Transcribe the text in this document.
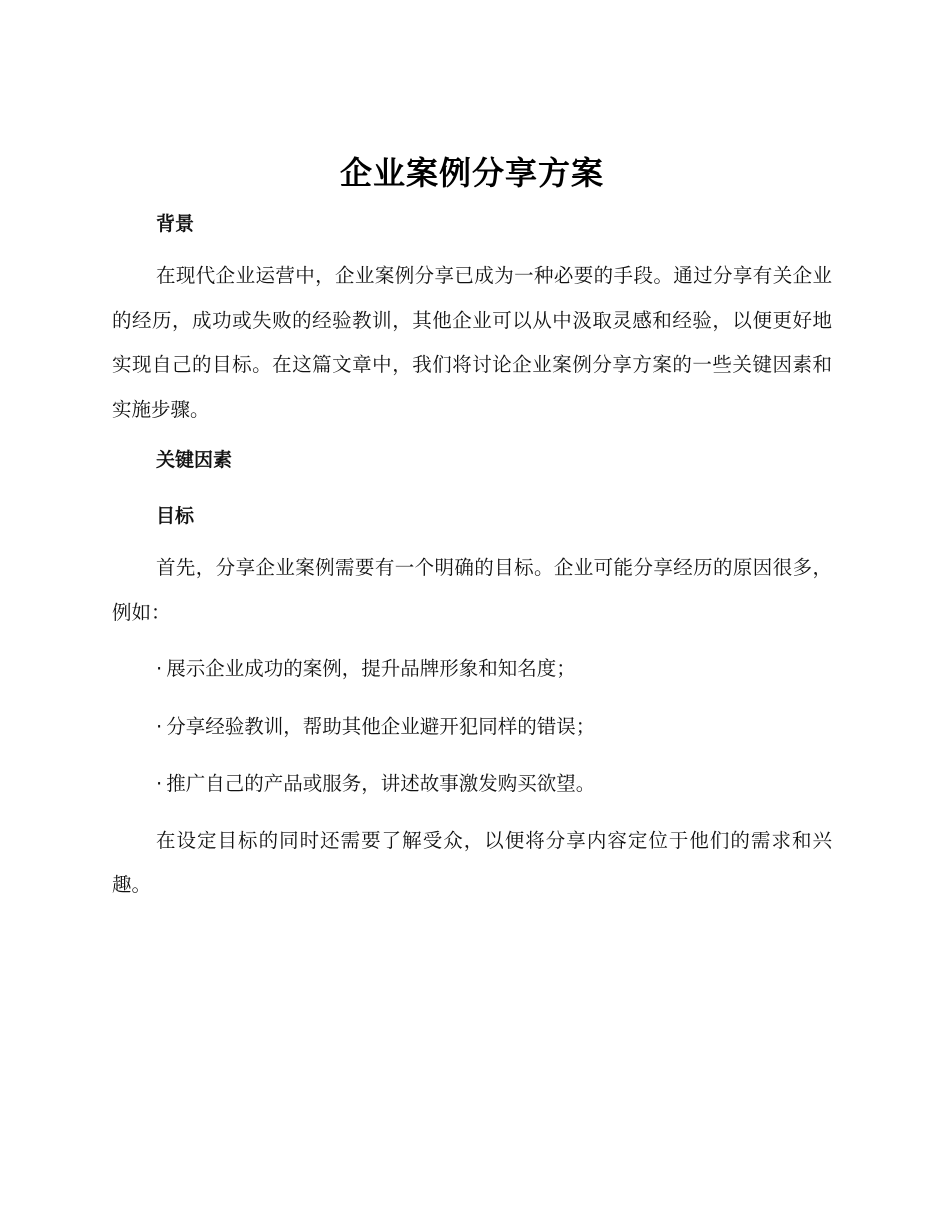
企业案例分享方案
背景

在现代企业运营中，企业案例分享已成为一种必要的手段。通过分享有关企业的经历，成功或失败的经验教训，其他企业可以从中汲取灵感和经验，以便更好地实现自己的目标。在这篇文章中，我们将讨论企业案例分享方案的一些关键因素和实施步骤。

关键因素
目标

首先，分享企业案例需要有一个明确的目标。企业可能分享经历的原因很多，例如：

· 展示企业成功的案例，提升品牌形象和知名度；

· 分享经验教训，帮助其他企业避开犯同样的错误；

· 推广自己的产品或服务，讲述故事激发购买欲望。

在设定目标的同时还需要了解受众，以便将分享内容定位于他们的需求和兴趣。
